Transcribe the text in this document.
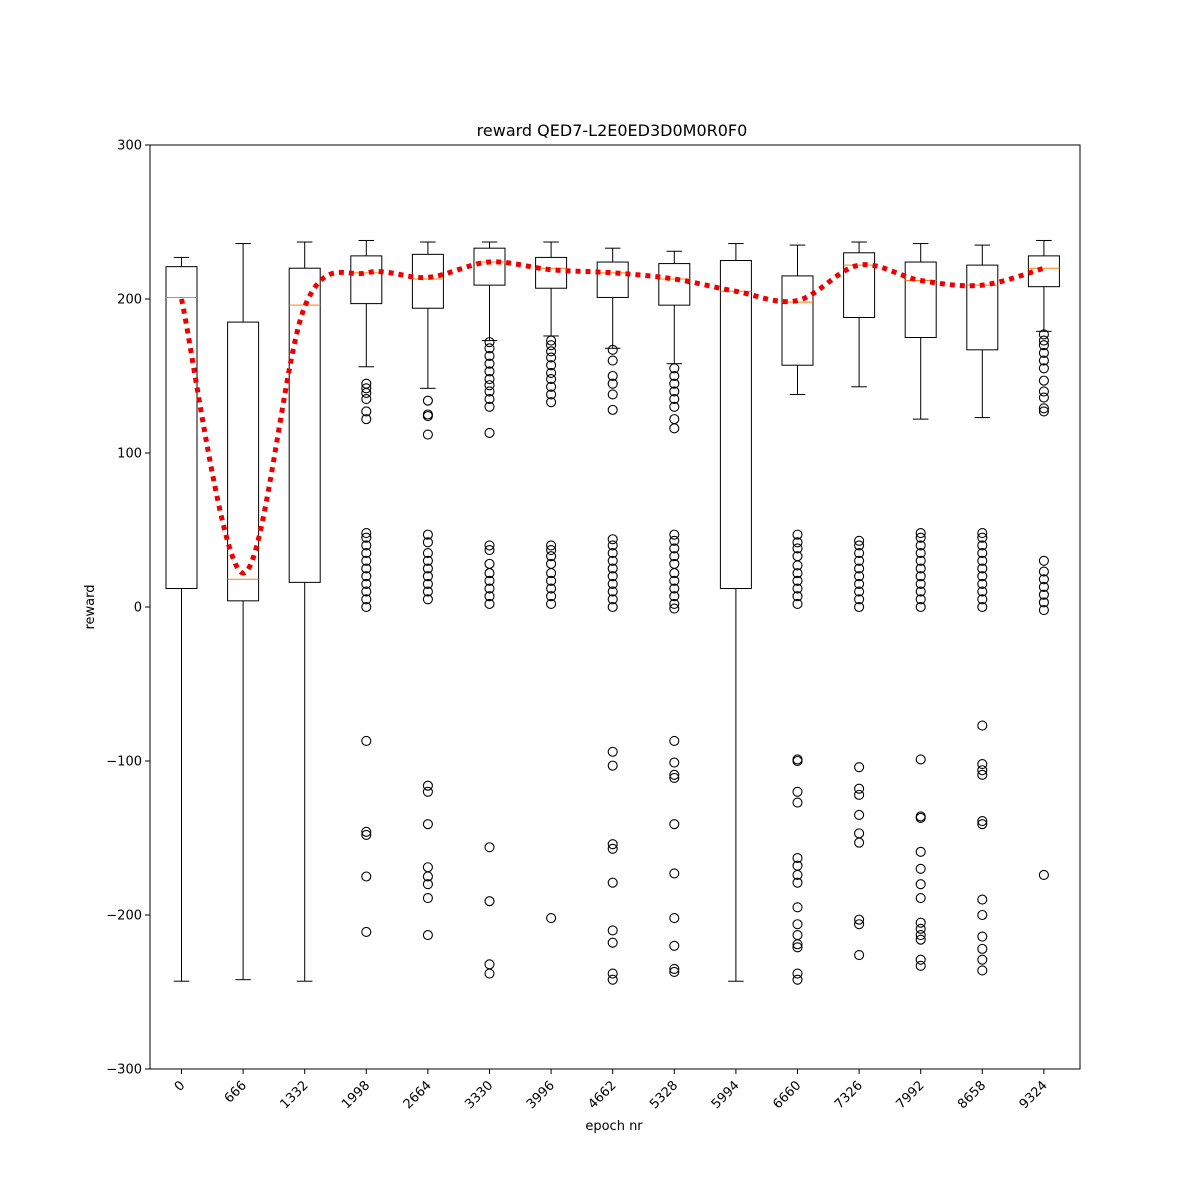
reward QED7-L2E0ED3D0M0R0F0
epoch nr
reward
−300
−200
−100
0
100
200
300
0	666 1332 1998 2664 3330 3996 4662 5328 5994 6660 7326 7992 8658 9324
